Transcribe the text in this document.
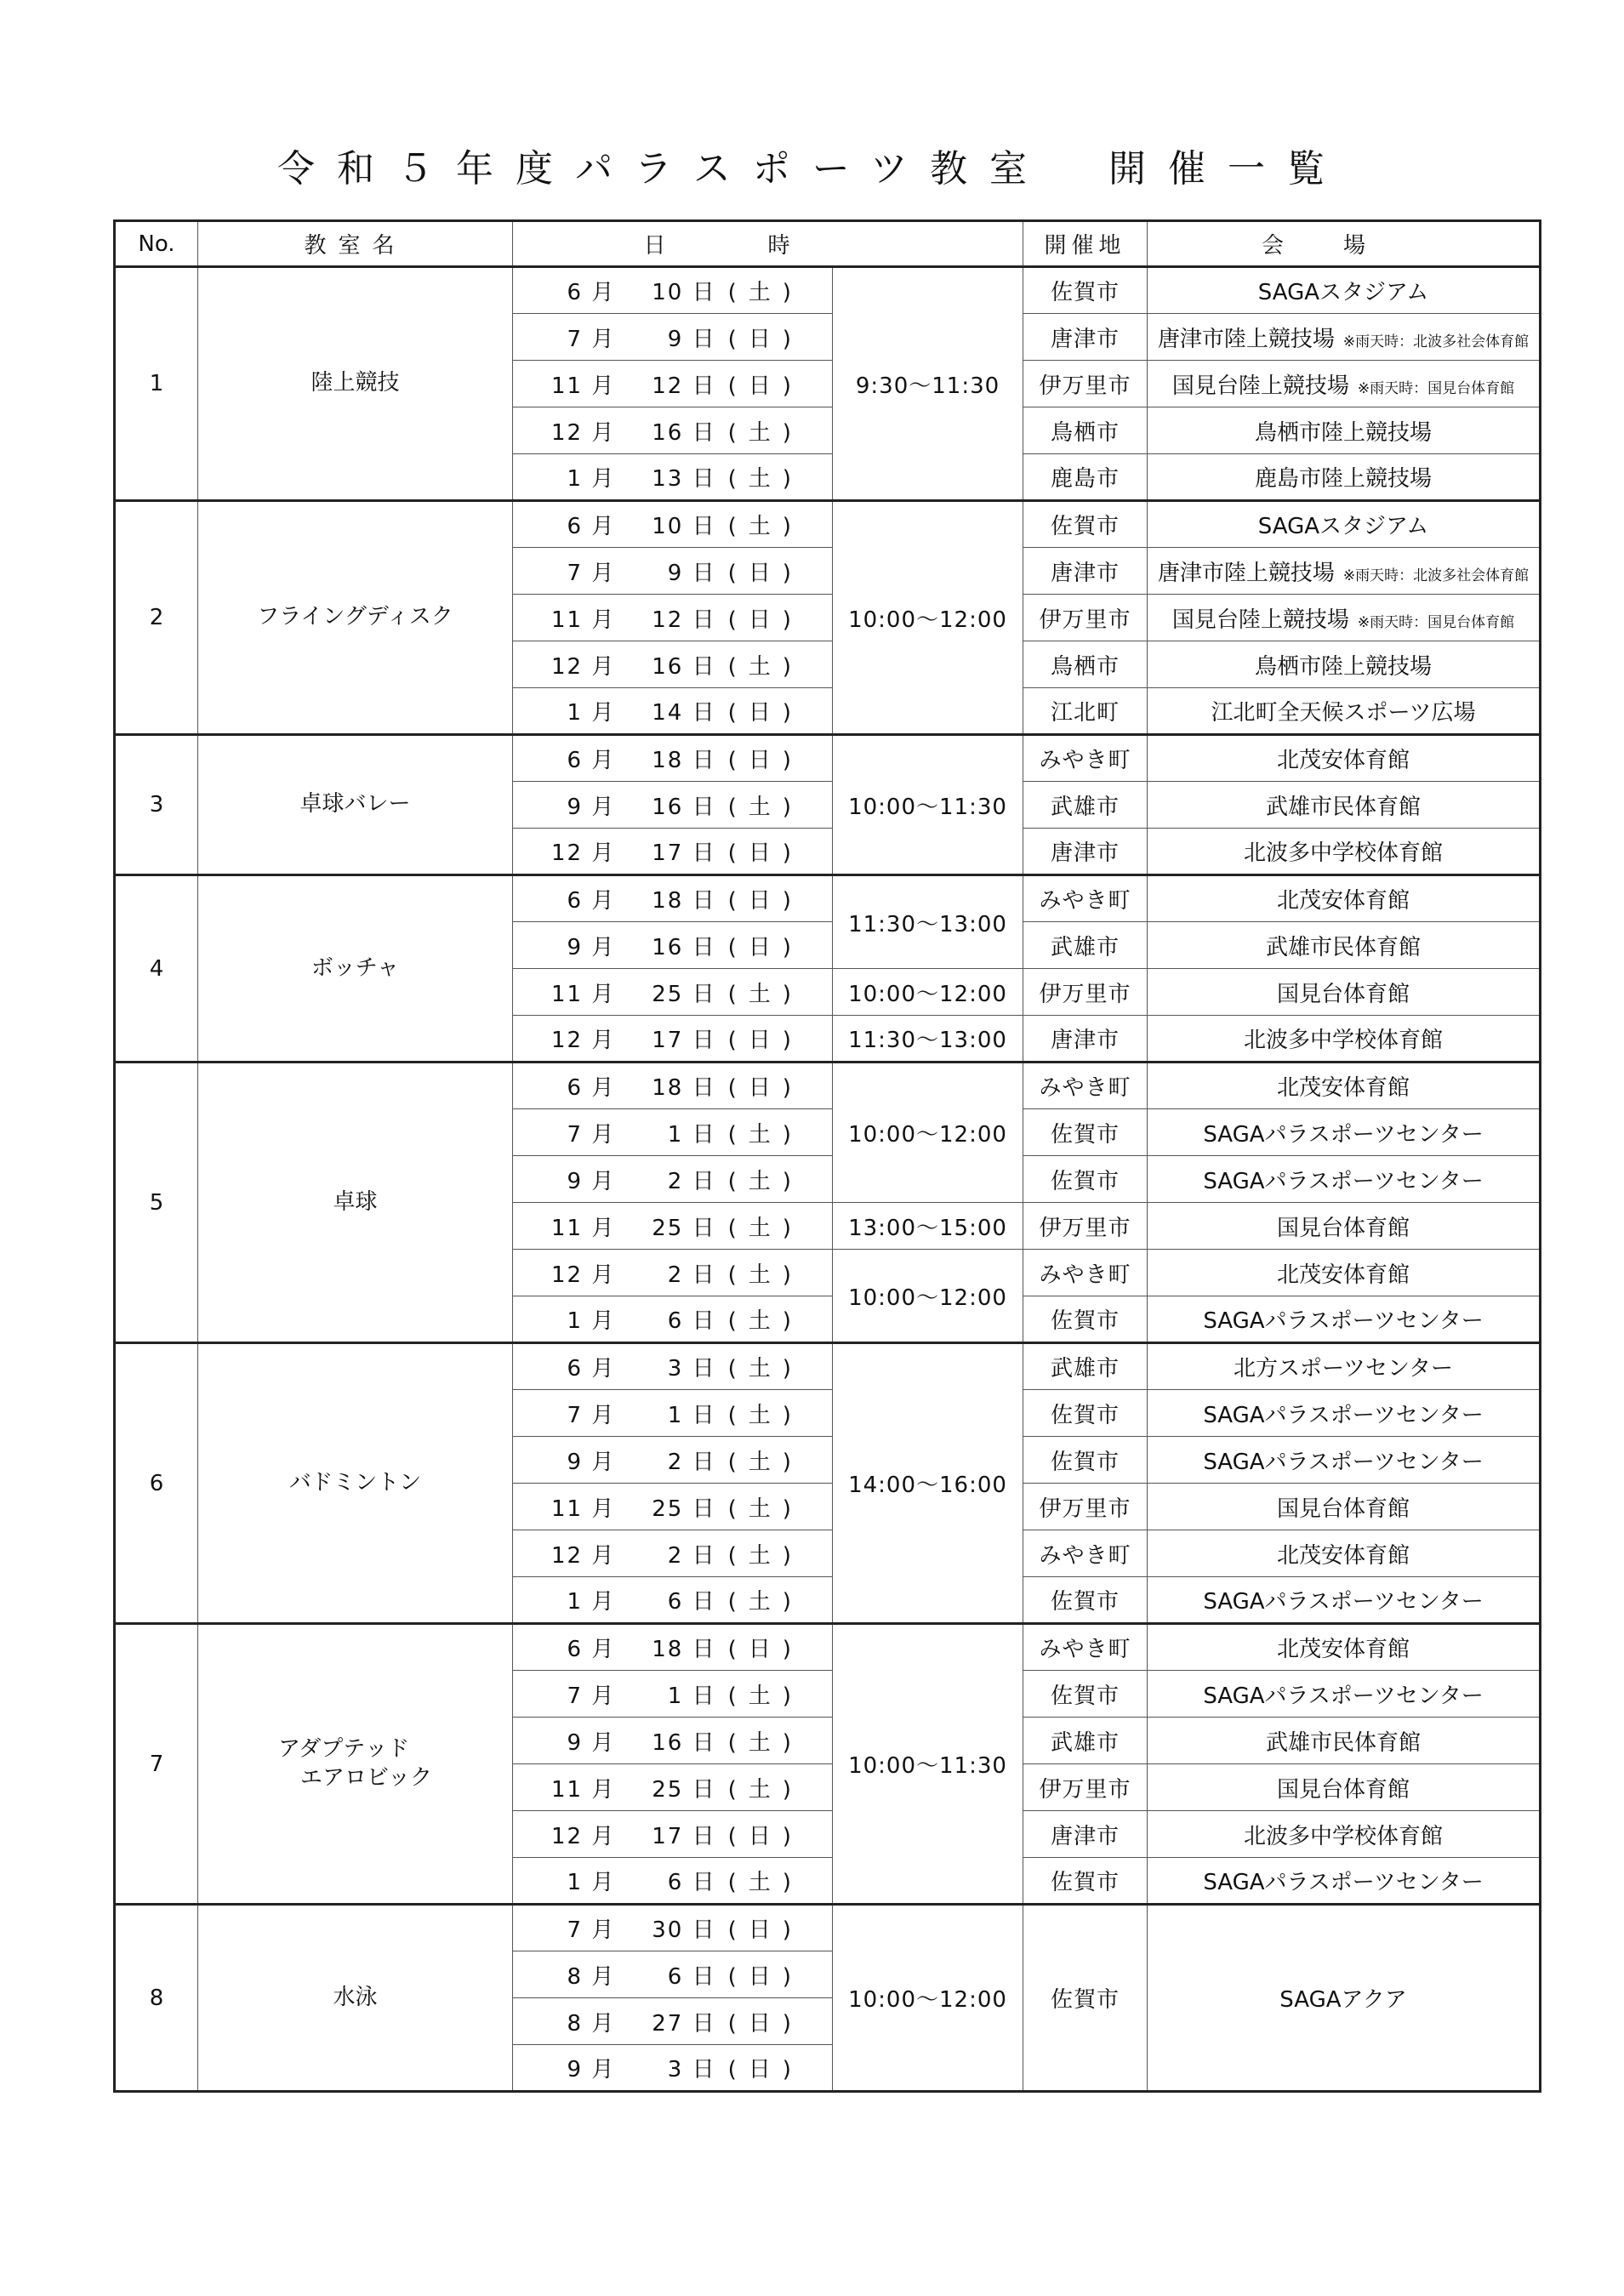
令和５年度パラスポーツ教室　開催一覧
No.	教室名	日時		開催地	会場
1	陸上競技	6 月 10 日 (土)	9:30～11:30	佐賀市	SAGAスタジアム
		7 月 9 日 (日)		唐津市	唐津市陸上競技場 ※雨天時：北波多社会体育館
		11 月 12 日 (日)		伊万里市	国見台陸上競技場 ※雨天時：国見台体育館
		12 月 16 日 (土)		鳥栖市	鳥栖市陸上競技場
		1 月 13 日 (土)		鹿島市	鹿島市陸上競技場
2	フライングディスク	6 月 10 日 (土)	10:00～12:00	佐賀市	SAGAスタジアム
		7 月 9 日 (日)		唐津市	唐津市陸上競技場 ※雨天時：北波多社会体育館
		11 月 12 日 (日)		伊万里市	国見台陸上競技場 ※雨天時：国見台体育館
		12 月 16 日 (土)		鳥栖市	鳥栖市陸上競技場
		1 月 14 日 (日)		江北町	江北町全天候スポーツ広場
3	卓球バレー	6 月 18 日 (日)	10:00～11:30	みやき町	北茂安体育館
		9 月 16 日 (土)		武雄市	武雄市民体育館
		12 月 17 日 (日)		唐津市	北波多中学校体育館
4	ボッチャ	6 月 18 日 (日)	11:30～13:00	みやき町	北茂安体育館
		9 月 16 日 (日)		武雄市	武雄市民体育館
		11 月 25 日 (土)	10:00～12:00	伊万里市	国見台体育館
		12 月 17 日 (日)	11:30～13:00	唐津市	北波多中学校体育館
5	卓球	6 月 18 日 (日)	10:00～12:00	みやき町	北茂安体育館
		7 月 1 日 (土)		佐賀市	SAGAパラスポーツセンター
		9 月 2 日 (土)		佐賀市	SAGAパラスポーツセンター
		11 月 25 日 (土)	13:00～15:00	伊万里市	国見台体育館
		12 月 2 日 (土)	10:00～12:00	みやき町	北茂安体育館
		1 月 6 日 (土)		佐賀市	SAGAパラスポーツセンター
6	バドミントン	6 月 3 日 (土)	14:00～16:00	武雄市	北方スポーツセンター
		7 月 1 日 (土)		佐賀市	SAGAパラスポーツセンター
		9 月 2 日 (土)		佐賀市	SAGAパラスポーツセンター
		11 月 25 日 (土)		伊万里市	国見台体育館
		12 月 2 日 (土)		みやき町	北茂安体育館
		1 月 6 日 (土)		佐賀市	SAGAパラスポーツセンター
7	アダプテッド
　エアロビック	6 月 18 日 (日)	10:00～11:30	みやき町	北茂安体育館
		7 月 1 日 (土)		佐賀市	SAGAパラスポーツセンター
		9 月 16 日 (土)		武雄市	武雄市民体育館
		11 月 25 日 (土)		伊万里市	国見台体育館
		12 月 17 日 (日)		唐津市	北波多中学校体育館
		1 月 6 日 (土)		佐賀市	SAGAパラスポーツセンター
8	水泳	7 月 30 日 (日)	10:00～12:00	佐賀市	SAGAアクア
		8 月 6 日 (日)			
		8 月 27 日 (日)			
		9 月 3 日 (日)			
